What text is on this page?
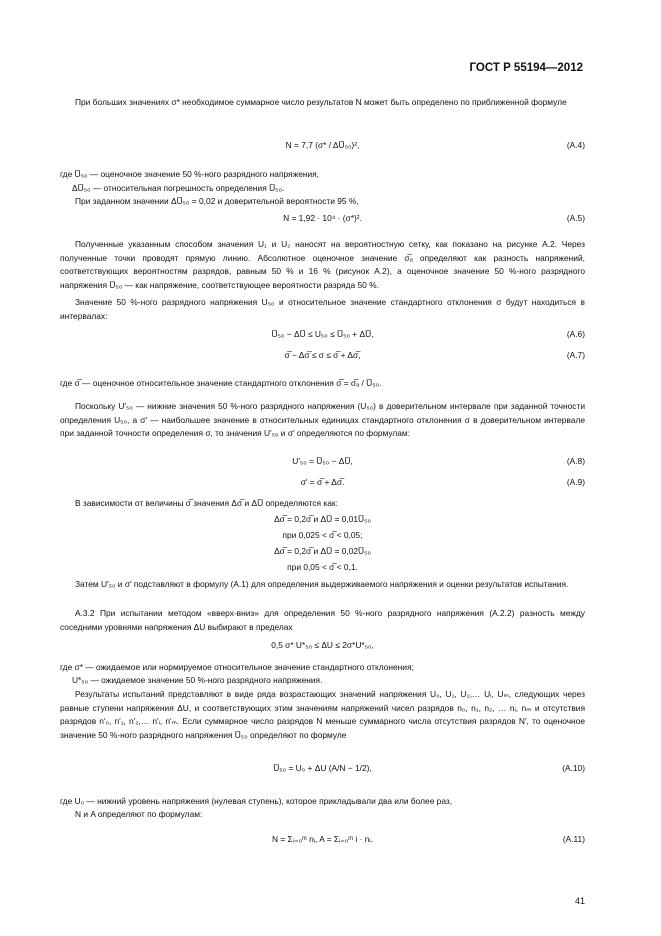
ГОСТ Р 55194—2012
При больших значениях σ* необходимое суммарное число результатов N может быть определено по приближенной формуле
N = 7,7 (σ* / ΔU̅₅₀)²,	(А.4)
где U̅₅₀ — оценочное значение 50 %-ного разрядного напряжения,
ΔU̅₅₀ — относительная погрешность определения U̅₅₀.
При заданном значении ΔU̅₅₀ = 0,02 и доверительной вероятности 95 %,
N = 1,92 · 10⁴ · (σ*)².	(А.5)
Полученные указанным способом значения U₁ и U₂ наносят на вероятностную сетку, как показано на рисунке А.2. Через полученные точки проводят прямую линию. Абсолютное оценочное значение σ̅ₐ определяют как разность напряжений, соответствующих вероятностям разрядов, равным 50 % и 16 % (рисунок А.2), а оценочное значение 50 %-ного разрядного напряжения U̅₅₀ — как напряжение, соответствующее вероятности разряда 50 %.
Значение 50 %-ного разрядного напряжения U₅₀ и относительное значение стандартного отклонения σ будут находиться в интервалах:
U̅₅₀ − ΔU̅ ≤ U₅₀ ≤ U̅₅₀ + ΔU̅,	(А.6)
σ̅ − Δσ̅ ≤ σ ≤ σ̅ + Δσ̅,	(А.7)
где σ̅ — оценочное относительное значение стандартного отклонения σ̅ = σ̅ₐ / U̅₅₀.
Поскольку U′₅₀ — нижние значения 50 %-ного разрядного напряжения (U₅₀) в доверительном интервале при заданной точности определения U₅₀, а σ′ — наибольшее значение в относительных единицах стандартного отклонения σ в доверительном интервале при заданной точности определения σ, то значения U′₅₀ и σ′ определяются по формулам:
U′₅₀ = U̅₅₀ − ΔU̅,	(А.8)
σ′ = σ̅ + Δσ̅.	(А.9)
В зависимости от величины σ̅ значения Δσ̅ и ΔU̅ определяются как:
Δσ̅ = 0,2σ̅ и ΔU̅ = 0,01U̅₅₀
при 0,025 < σ̅ < 0,05;
Δσ̅ = 0,2σ̅ и ΔU̅ = 0,02U̅₅₀
при 0,05 < σ̅ < 0,1.
Затем U′₅₀ и σ′ подставляют в формулу (А.1) для определения выдерживаемого напряжения и оценки результатов испытания.
А.3.2 При испытании методом «вверх-вниз» для определения 50 %-ного разрядного напряжения (А.2.2) разность между соседними уровнями напряжения ΔU выбирают в пределах
0,5 σ* U*₅₀ ≤ ΔU ≤ 2σ*U*₅₀,
где σ* — ожидаемое или нормируемое относительное значение стандартного отклонения;
U*₅₀ — ожидаемое значение 50 %-ного разрядного напряжения.
Результаты испытаний представляют в виде ряда возрастающих значений напряжения U₀, U₁, U₂,… Uᵢ, Uₘ, следующих через равные ступени напряжения ΔU, и соответствующих этим значениям напряжений чисел разрядов n₀, n₁, n₂, … nᵢ, nₘ и отсутствия разрядов n′₀, n′₁, n′₂,… n′ᵢ, n′ₘ. Если суммарное число разрядов N меньше суммарного числа отсутствия разрядов N′, то оценочное значение 50 %-ного разрядного напряжения U̅₅₀ определяют по формуле
U̅₅₀ = U₀ + ΔU (A/N − 1/2),	(А.10)
где U₀ — нижний уровень напряжения (нулевая ступень), которое прикладывали два или более раз,
N и A определяют по формулам:
N = Σᵢ₌₀ᵐ nᵢ, A = Σᵢ₌₀ᵐ i · nᵢ.	(А.11)
41
